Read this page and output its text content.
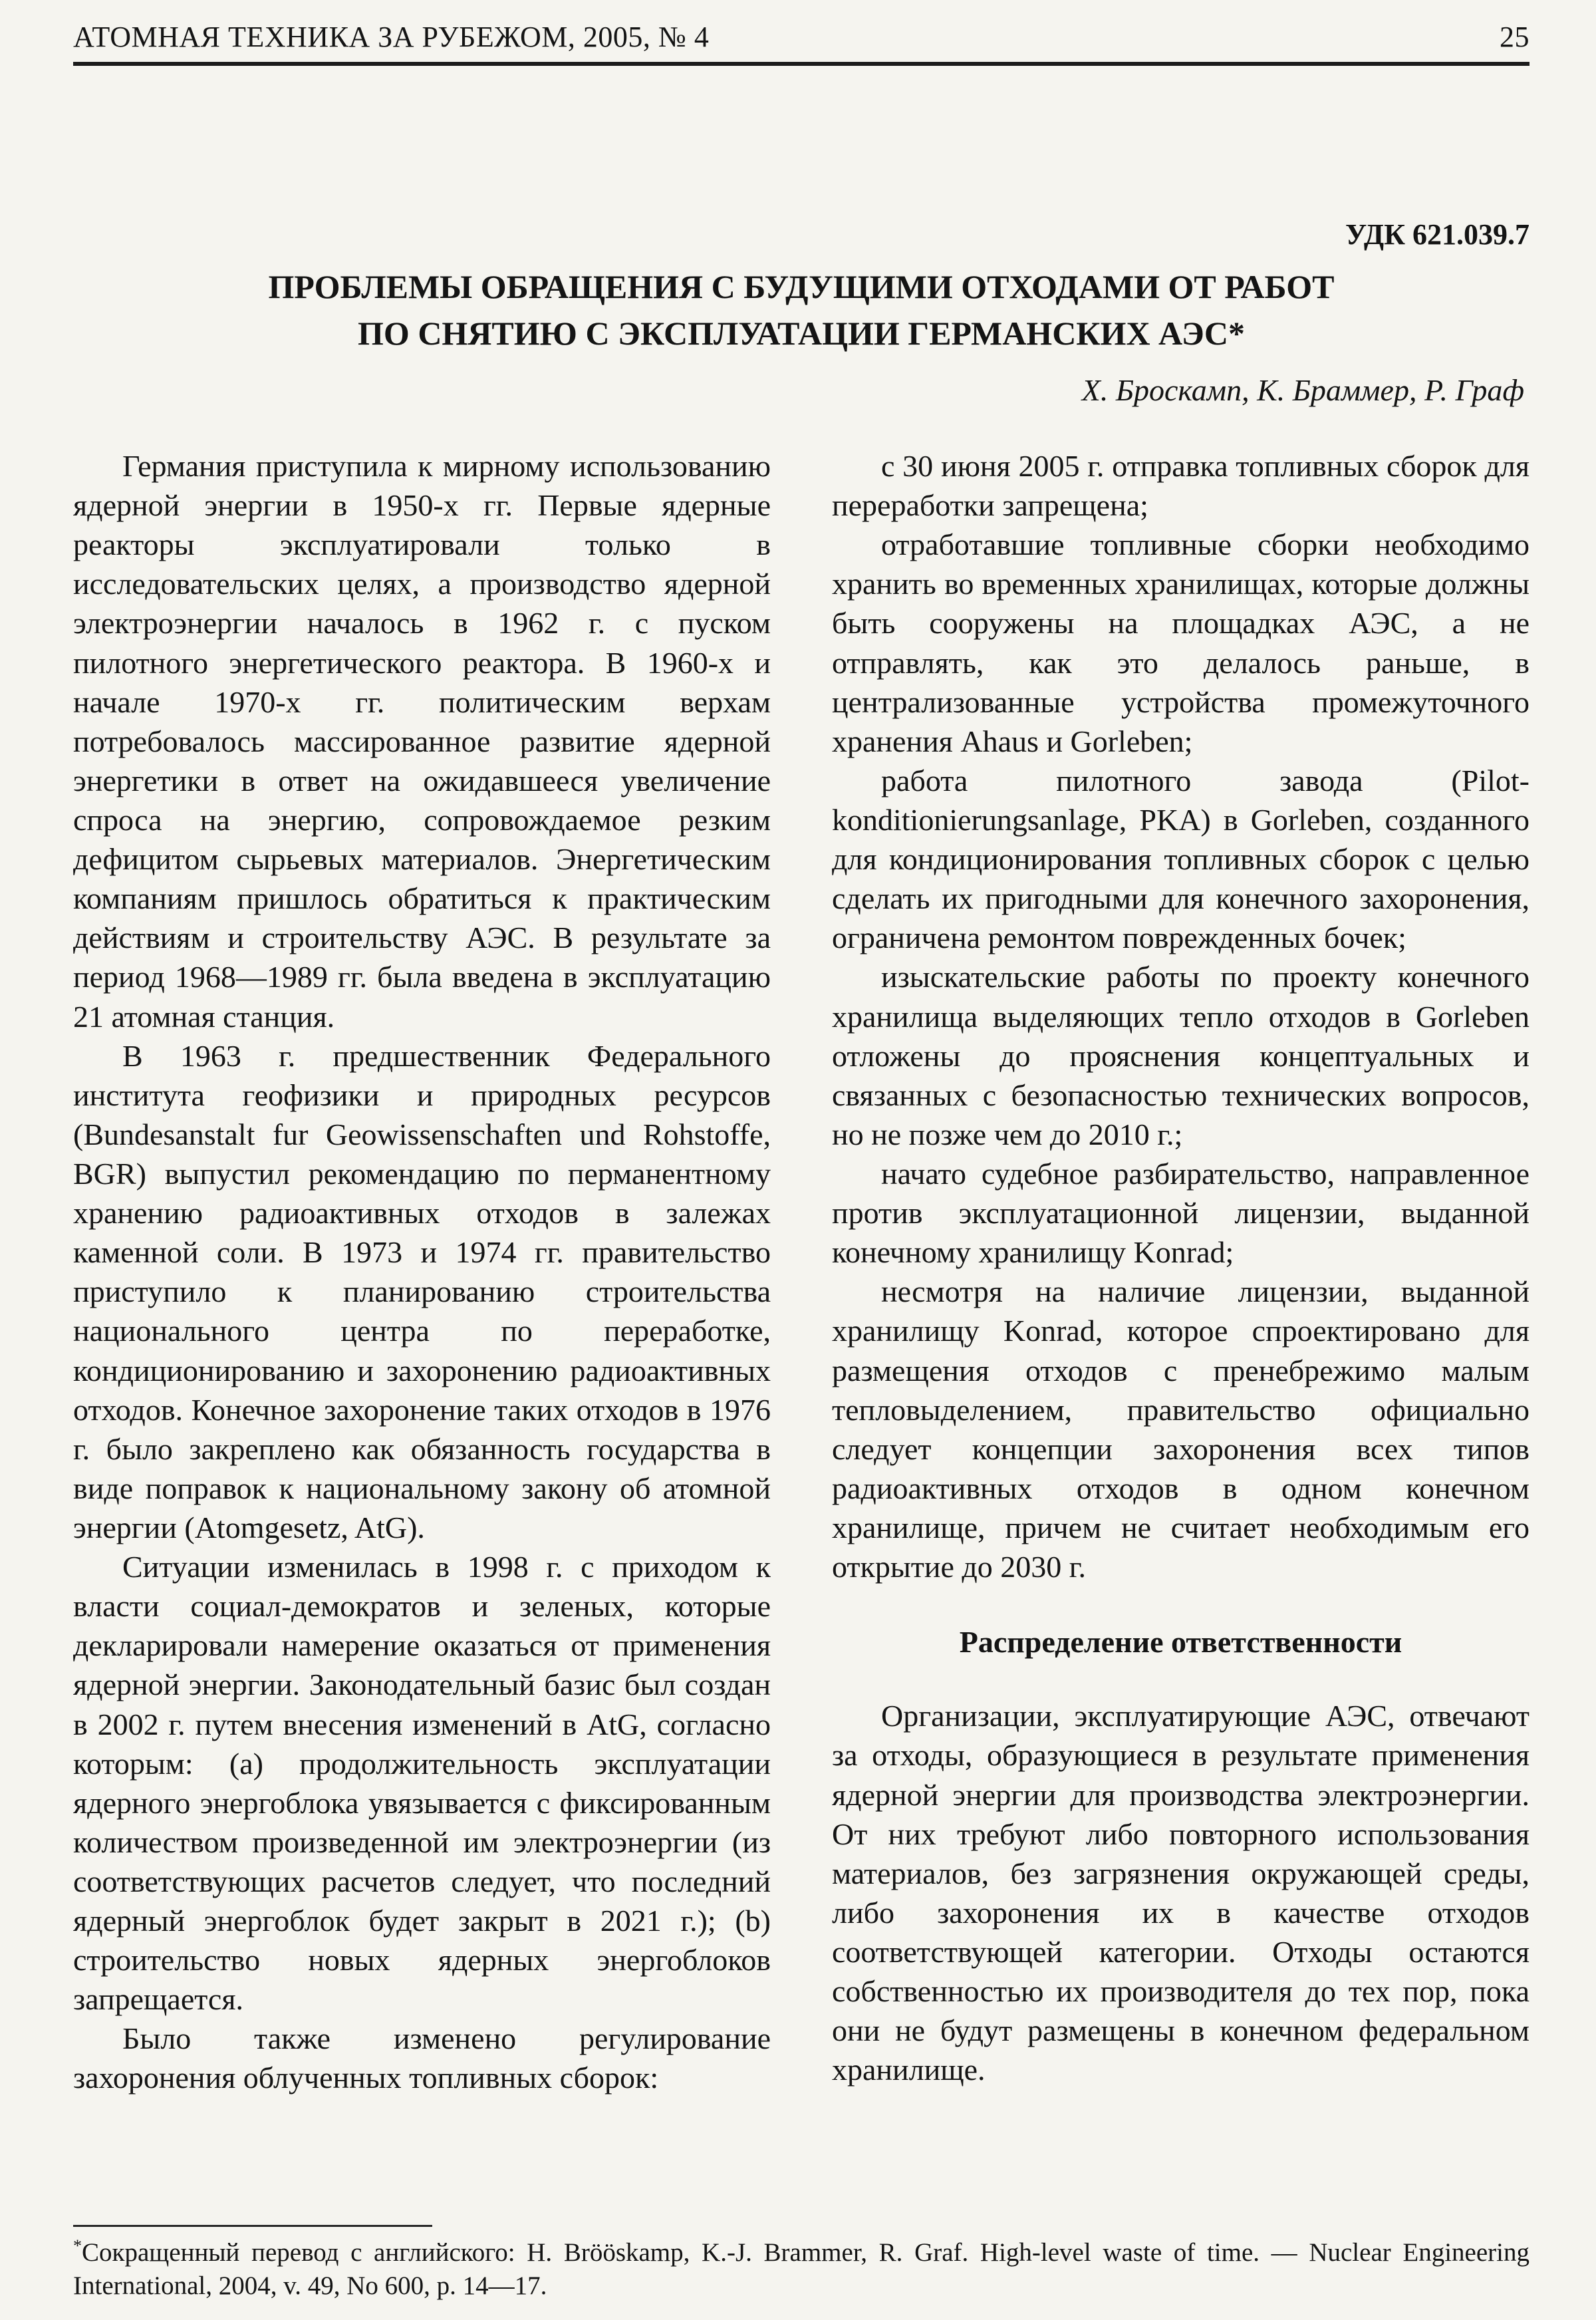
АТОМНАЯ ТЕХНИКА ЗА РУБЕЖОМ, 2005, № 4	25
УДК 621.039.7
ПРОБЛЕМЫ ОБРАЩЕНИЯ С БУДУЩИМИ ОТХОДАМИ ОТ РАБОТ
ПО СНЯТИЮ С ЭКСПЛУАТАЦИИ ГЕРМАНСКИХ АЭС*
Х. Броскамп, К. Браммер, Р. Граф

Германия приступила к мирному использованию ядерной энергии в 1950-х гг. Первые ядерные реакторы эксплуатировали только в исследовательских целях, а производство ядерной электроэнергии началось в 1962 г. с пуском пилотного энергетического реактора. В 1960-х и начале 1970-х гг. политическим верхам потребовалось массированное развитие ядерной энергетики в ответ на ожидавшееся увеличение спроса на энергию, сопровождаемое резким дефицитом сырьевых материалов. Энергетическим компаниям пришлось обратиться к практическим действиям и строительству АЭС. В результате за период 1968—1989 гг. была введена в эксплуатацию 21 атомная станция.

В 1963 г. предшественник Федерального института геофизики и природных ресурсов (Bundesanstalt fur Geowissenschaften und Rohstoffe, BGR) выпустил рекомендацию по перманентному хранению радиоактивных отходов в залежах каменной соли. В 1973 и 1974 гг. правительство приступило к планированию строительства национального центра по переработке, кондиционированию и захоронению радиоактивных отходов. Конечное захоронение таких отходов в 1976 г. было закреплено как обязанность государства в виде поправок к национальному закону об атомной энергии (Atomgesetz, AtG).

Ситуации изменилась в 1998 г. с приходом к власти социал-демократов и зеленых, которые декларировали намерение оказаться от применения ядерной энергии. Законодательный базис был создан в 2002 г. путем внесения изменений в AtG, согласно которым: (а) продолжительность эксплуатации ядерного энергоблока увязывается с фиксированным количеством произведенной им электроэнергии (из соответствующих расчетов следует, что последний ядерный энергоблок будет закрыт в 2021 г.); (b) строительство новых ядерных энергоблоков запрещается.

Было также изменено регулирование захоронения облученных топливных сборок:

с 30 июня 2005 г. отправка топливных сборок для переработки запрещена;

отработавшие топливные сборки необходимо хранить во временных хранилищах, которые должны быть сооружены на площадках АЭС, а не отправлять, как это делалось раньше, в централизованные устройства промежуточного хранения Ahaus и Gorleben;

работа пилотного завода (Pilot-konditionierungsanlage, PKA) в Gorleben, созданного для кондиционирования топливных сборок с целью сделать их пригодными для конечного захоронения, ограничена ремонтом поврежденных бочек;

изыскательские работы по проекту конечного хранилища выделяющих тепло отходов в Gorleben отложены до прояснения концептуальных и связанных с безопасностью технических вопросов, но не позже чем до 2010 г.;

начато судебное разбирательство, направленное против эксплуатационной лицензии, выданной конечному хранилищу Konrad;

несмотря на наличие лицензии, выданной хранилищу Konrad, которое спроектировано для размещения отходов с пренебрежимо малым тепловыделением, правительство официально следует концепции захоронения всех типов радиоактивных отходов в одном конечном хранилище, причем не считает необходимым его открытие до 2030 г.

Распределение ответственности

Организации, эксплуатирующие АЭС, отвечают за отходы, образующиеся в результате применения ядерной энергии для производства электроэнергии. От них требуют либо повторного использования материалов, без загрязнения окружающей среды, либо захоронения их в качестве отходов соответствующей категории. Отходы остаются собственностью их производителя до тех пор, пока они не будут размещены в конечном федеральном хранилище.

*Сокращенный перевод с английского: H. Brööskamp, K.-J. Brammer, R. Graf. High-level waste of time. — Nuclear Engineering International, 2004, v. 49, No 600, p. 14—17.
